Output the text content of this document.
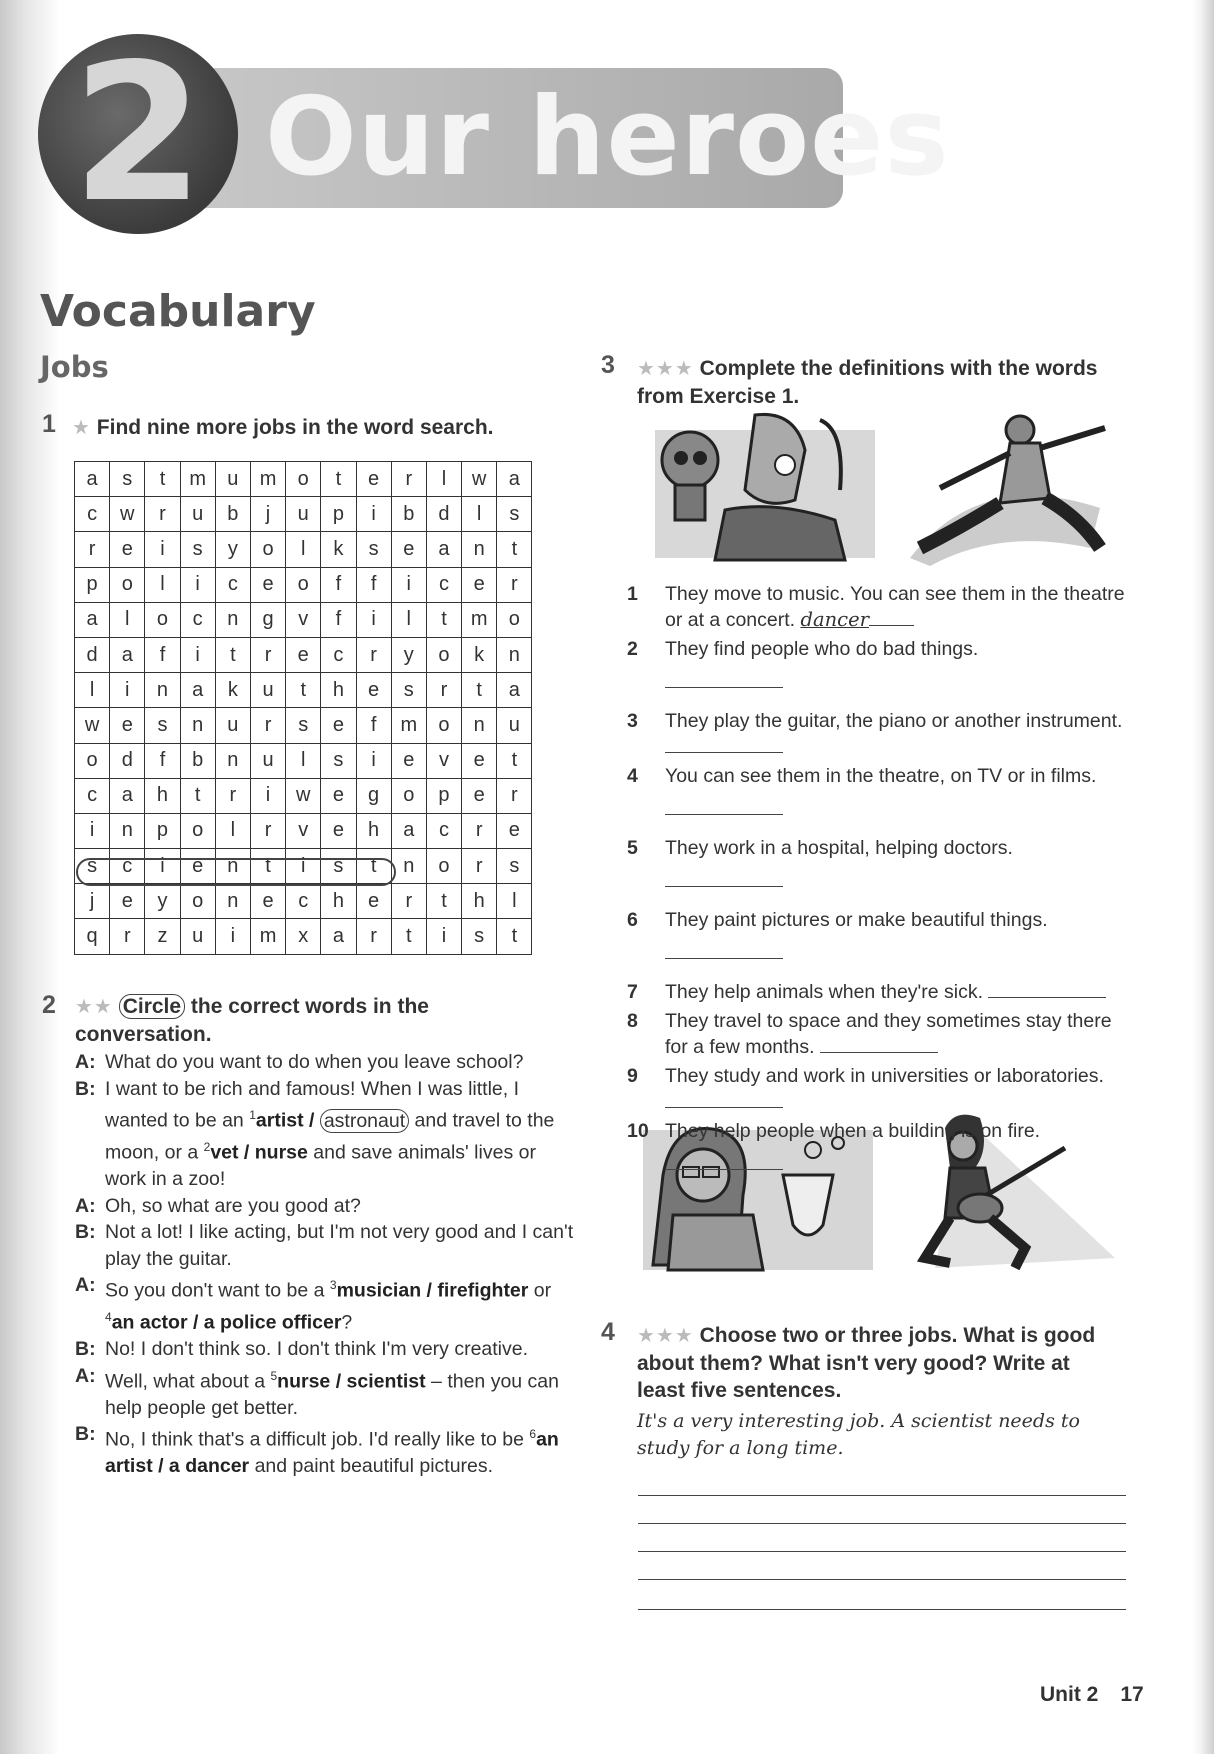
2 Our heroes
Vocabulary
Jobs
1 ★ Find nine more jobs in the word search.
a	s	t	m	u	m	o	t	e	r	l	w	a
c	w	r	u	b	j	u	p	i	b	d	l	s
r	e	i	s	y	o	l	k	s	e	a	n	t
p	o	l	i	c	e	o	f	f	i	c	e	r
a	l	o	c	n	g	v	f	i	l	t	m	o
d	a	f	i	t	r	e	c	r	y	o	k	n
l	i	n	a	k	u	t	h	e	s	r	t	a
w	e	s	n	u	r	s	e	f	m	o	n	u
o	d	f	b	n	u	l	s	i	e	v	e	t
c	a	h	t	r	i	w	e	g	o	p	e	r
i	n	p	o	l	r	v	e	h	a	c	r	e
s	c	i	e	n	t	i	s	t	n	o	r	s
j	e	y	o	n	e	c	h	e	r	t	h	l
q	r	z	u	i	m	x	a	r	t	i	s	t
2 ★★ Circle the correct words in the conversation.
A: What do you want to do when you leave school?
B: I want to be rich and famous! When I was little, I wanted to be an $^1$artist / astronaut and travel to the moon, or a $^2$vet / nurse and save animals' lives or work in a zoo!
A: Oh, so what are you good at?
B: Not a lot! I like acting, but I'm not very good and I can't play the guitar.
A: So you don't want to be a $^3$musician / firefighter or $^4$an actor / a police officer?
B: No! I don't think so. I don't think I'm very creative.
A: Well, what about a $^5$nurse / scientist – then you can help people get better.
B: No, I think that's a difficult job. I'd really like to be $^6$an artist / a dancer and paint beautiful pictures.
3 ★★★ Complete the definitions with the words from Exercise 1.
1	They move to music. You can see them in the theatre or at a concert. dancer
2	They find people who do bad things.
3	They play the guitar, the piano or another instrument.
4	You can see them in the theatre, on TV or in films.
5	They work in a hospital, helping doctors.
6	They paint pictures or make beautiful things.
7	They help animals when they're sick.
8	They travel to space and they sometimes stay there for a few months.
9	They study and work in universities or laboratories.
10 They help people when a building is on fire.
4 ★★★ Choose two or three jobs. What is good about them? What isn't very good? Write at least five sentences.
It's a very interesting job. A scientist needs to study for a long time.
Unit 2 17
